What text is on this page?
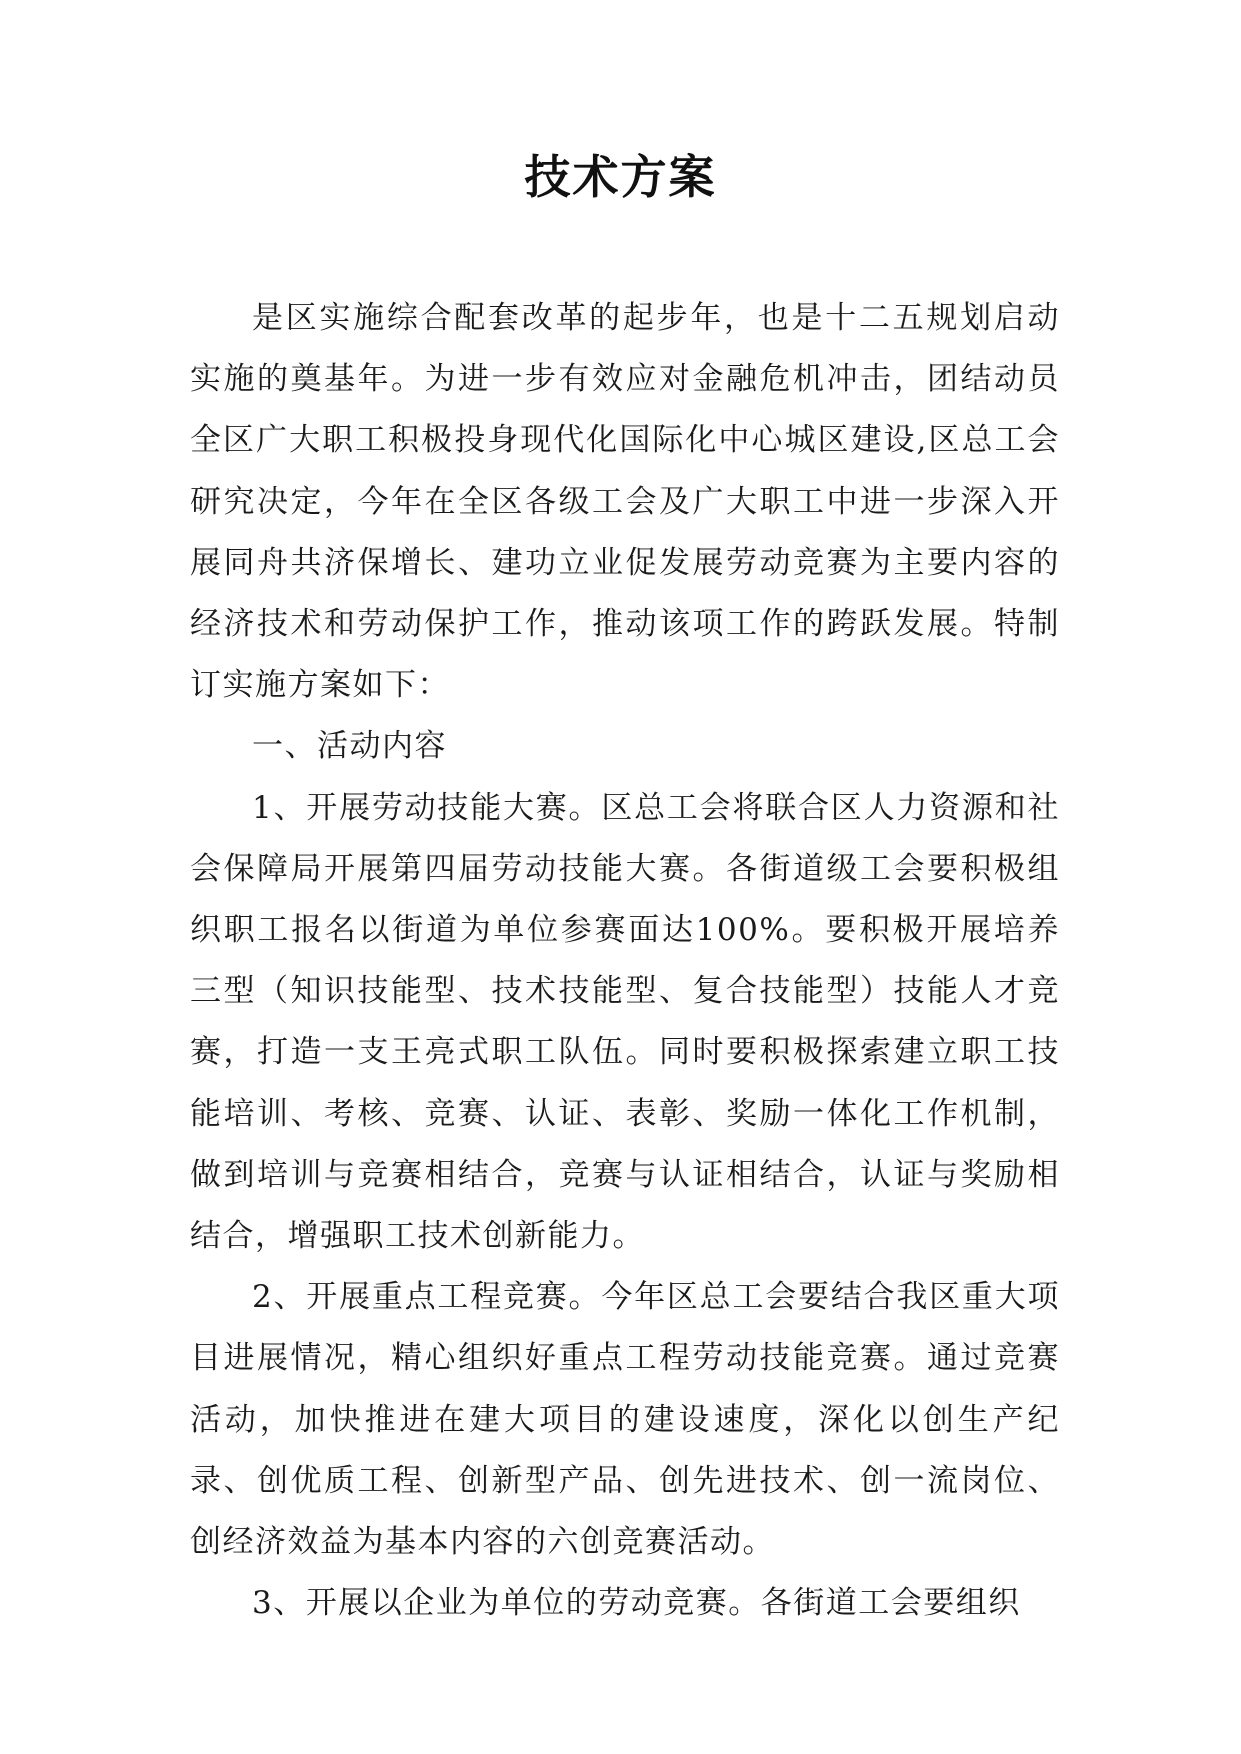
技术方案

是区实施综合配套改革的起步年，也是十二五规划启动实施的奠基年。为进一步有效应对金融危机冲击，团结动员全区广大职工积极投身现代化国际化中心城区建设,区总工会研究决定，今年在全区各级工会及广大职工中进一步深入开展同舟共济保增长、建功立业促发展劳动竞赛为主要内容的经济技术和劳动保护工作，推动该项工作的跨跃发展。特制订实施方案如下：

一、活动内容

1、开展劳动技能大赛。区总工会将联合区人力资源和社会保障局开展第四届劳动技能大赛。各街道级工会要积极组织职工报名以街道为单位参赛面达100%。要积极开展培养三型（知识技能型、技术技能型、复合技能型）技能人才竞赛，打造一支王亮式职工队伍。同时要积极探索建立职工技能培训、考核、竞赛、认证、表彰、奖励一体化工作机制，做到培训与竞赛相结合，竞赛与认证相结合，认证与奖励相结合，增强职工技术创新能力。

2、开展重点工程竞赛。今年区总工会要结合我区重大项目进展情况，精心组织好重点工程劳动技能竞赛。通过竞赛活动，加快推进在建大项目的建设速度，深化以创生产纪录、创优质工程、创新型产品、创先进技术、创一流岗位、创经济效益为基本内容的六创竞赛活动。

3、开展以企业为单位的劳动竞赛。各街道工会要组织
